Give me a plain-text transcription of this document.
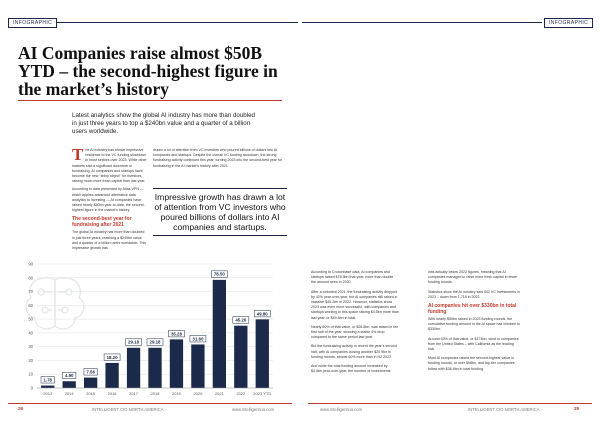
INFOGRAPHIC	INFOGRAPHIC
AI Companies raise almost $50B YTD – the second-highest figure in the market’s history
Latest analytics show the global AI industry has more than doubled in just three years to top a $240bn value and a quarter of a billion users worldwide.
T he AI industry has shown impressive resilience to the VC funding slowdown in most sectors over 2023. While other markets saw a significant downturn in fundraising, AI companies and startups have become the new “shiny object” for investors, raising much more fresh capital than last year.
According to data presented by Atlas VPN — which applies advanced alternative data analytics to investing — AI companies have raised nearly $50bn year-to-date, the second-highest figure in the market’s history.
The second-best year for fundraising after 2021
The global AI industry has more than doubled in just three years, reaching a $240bn value and a quarter of a billion users worldwide. This impressive growth has
drawn a lot of attention from VC investors who poured billions of dollars into AI companies and startups. Despite the overall VC funding slowdown, the strong fundraising activity continued this year, turning 2023 into the second-best year for fundraising in the AI market’s history after 2021.
Impressive growth has drawn a lot of attention from VC investors who poured billions of dollars into AI companies and startups.
According to Crunchbase data, AI companies and startups raised $78.5bn that year, more than double the amount seen in 2020.
After a turbulent 2021, the fundraising activity dropped by 42% year-over-year, but AI companies still raised a massive $45.2bn in 2022. However, statistics show 2023 was even more successful, with companies and startups working in this space raising $4.5bn more than last year, or $49.8bn in total.
Nearly 60% of that value, or $28.8bn, was raised in the first half of the year, showing a stable 4% drop compared to the same period last year.
But the fundraising activity in recent the year’s second half, with AI companies closing another $20.9bn in funding rounds, almost 60% more than in H2 2022.
And while the total funding amount increased by $4.5bn year-over-year, the number of investments
was actually below 2022 figures, meaning that AI companies managed to raise more fresh capital in fewer funding rounds.
Statistics show the AI industry saw 842 VC investments in 2023 – down from 1,718 in 2022.
AI companies hit over $330bn in total funding
With nearly $50bn raised in 2023 funding rounds, the cumulative funding amount in the AI space has climbed to $330bn.
Around 53% of that value, or $174bn, went to companies from the United States – with California as the leading hub.
Most AI companies raised the second-highest value in funding rounds, or over $98bn, and top-tier companies follow with $38.4bn in total funding.
1.78
4.90
7.56
18.20
29.18 29.18
35.28
31.60
78.50
45.20
49.80
90
80
70
60
50
40
30
20
10
0
2013	2014	2015	2016	2017	2018	2019	2020	2021	2022 2023 YTD
26	INTELLIGENT CIO NORTH AMERICA	www.intelligentcio.com	www.intelligentcio.com	INTELLIGENT CIO NORTH AMERICA	29
